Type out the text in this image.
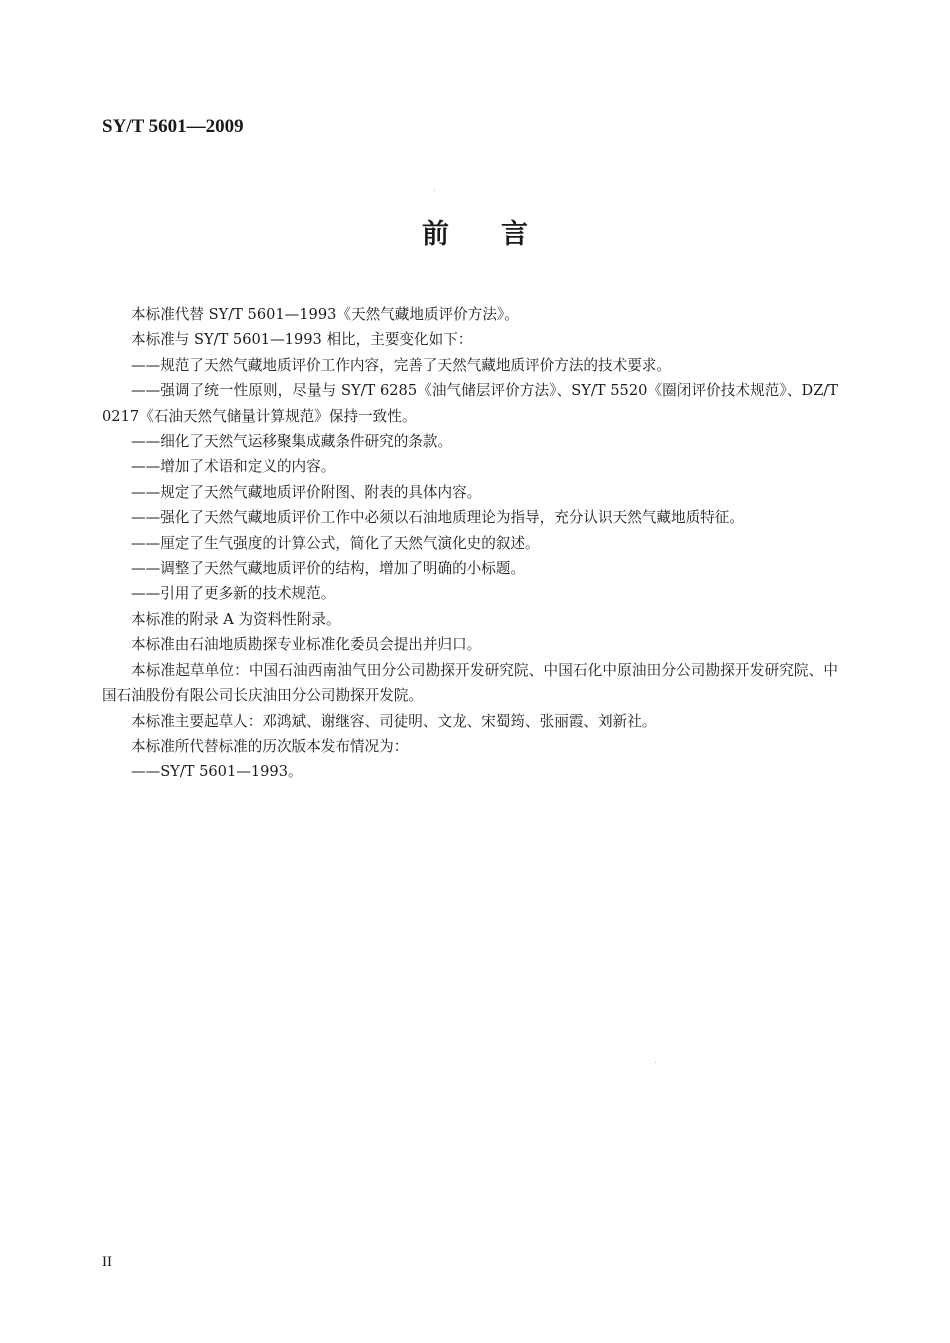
SY/T 5601—2009
前 言

本标准代替 SY/T 5601—1993《天然气藏地质评价方法》。

本标准与 SY/T 5601—1993 相比，主要变化如下：

——规范了天然气藏地质评价工作内容，完善了天然气藏地质评价方法的技术要求。

——强调了统一性原则，尽量与 SY/T 6285《油气储层评价方法》、SY/T 5520《圈闭评价技术规范》、DZ/T 0217《石油天然气储量计算规范》保持一致性。

——细化了天然气运移聚集成藏条件研究的条款。

——增加了术语和定义的内容。

——规定了天然气藏地质评价附图、附表的具体内容。

——强化了天然气藏地质评价工作中必须以石油地质理论为指导，充分认识天然气藏地质特征。

——厘定了生气强度的计算公式，简化了天然气演化史的叙述。

——调整了天然气藏地质评价的结构，增加了明确的小标题。

——引用了更多新的技术规范。

本标准的附录 A 为资料性附录。

本标准由石油地质勘探专业标准化委员会提出并归口。

本标准起草单位：中国石油西南油气田分公司勘探开发研究院、中国石化中原油田分公司勘探开发研究院、中国石油股份有限公司长庆油田分公司勘探开发院。

本标准主要起草人：邓鸿斌、谢继容、司徒明、文龙、宋蜀筠、张丽霞、刘新社。

本标准所代替标准的历次版本发布情况为：

——SY/T 5601—1993。

II
